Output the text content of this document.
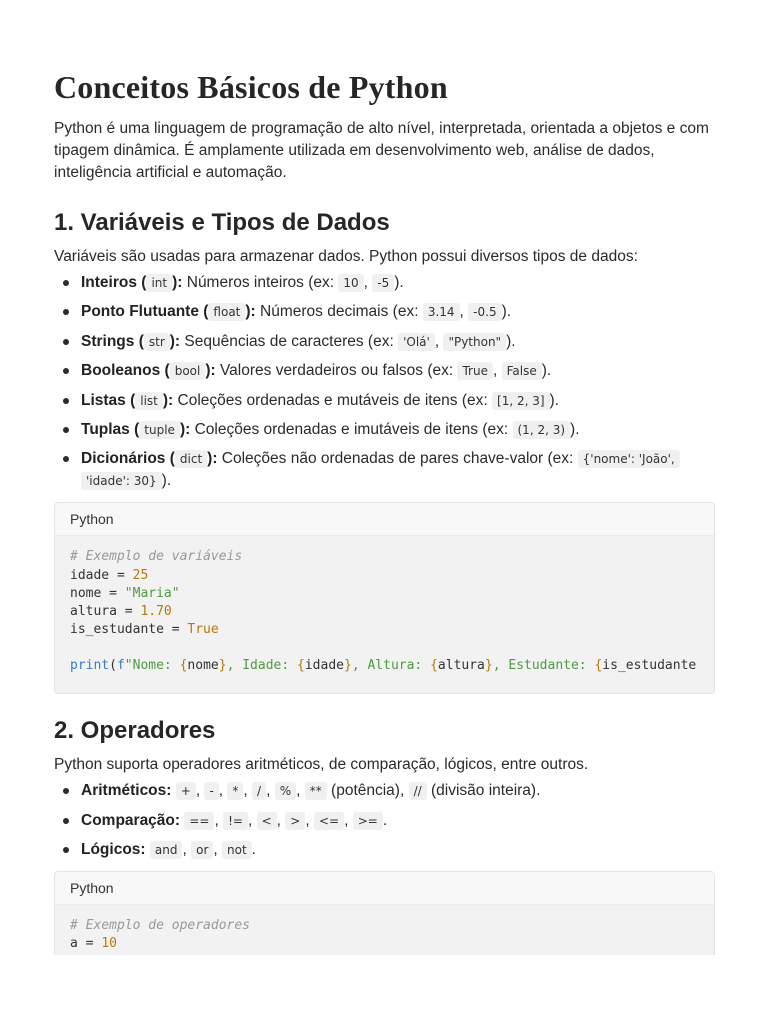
Conceitos Básicos de Python

Python é uma linguagem de programação de alto nível, interpretada, orientada a objetos e com tipagem dinâmica. É amplamente utilizada em desenvolvimento web, análise de dados, inteligência artificial e automação.

1. Variáveis e Tipos de Dados

Variáveis são usadas para armazenar dados. Python possui diversos tipos de dados:

Inteiros ( int ): Números inteiros (ex: 10 , -5 ).
Ponto Flutuante ( float ): Números decimais (ex: 3.14 , -0.5 ).
Strings ( str ): Sequências de caracteres (ex: 'Olá' , "Python" ).
Booleanos ( bool ): Valores verdadeiros ou falsos (ex: True , False ).
Listas ( list ): Coleções ordenadas e mutáveis de itens (ex: [1, 2, 3] ).
Tuplas ( tuple ): Coleções ordenadas e imutáveis de itens (ex: (1, 2, 3) ).
Dicionários ( dict ): Coleções não ordenadas de pares chave-valor (ex: {'nome': 'João', 'idade': 30} ).
Python
# Exemplo de variáveis
idade = 25
nome = "Maria"
altura = 1.70
is_estudante = True
print(f"Nome: {nome}, Idade: {idade}, Altura: {altura}, Estudante: {is_estudante
2. Operadores

Python suporta operadores aritméticos, de comparação, lógicos, entre outros.

Aritméticos: + , - , * , / , % , ** (potência), // (divisão inteira).
Comparação: == , != , < , > , <= , >= .
Lógicos: and , or , not .
Python
# Exemplo de operadores
a = 10
